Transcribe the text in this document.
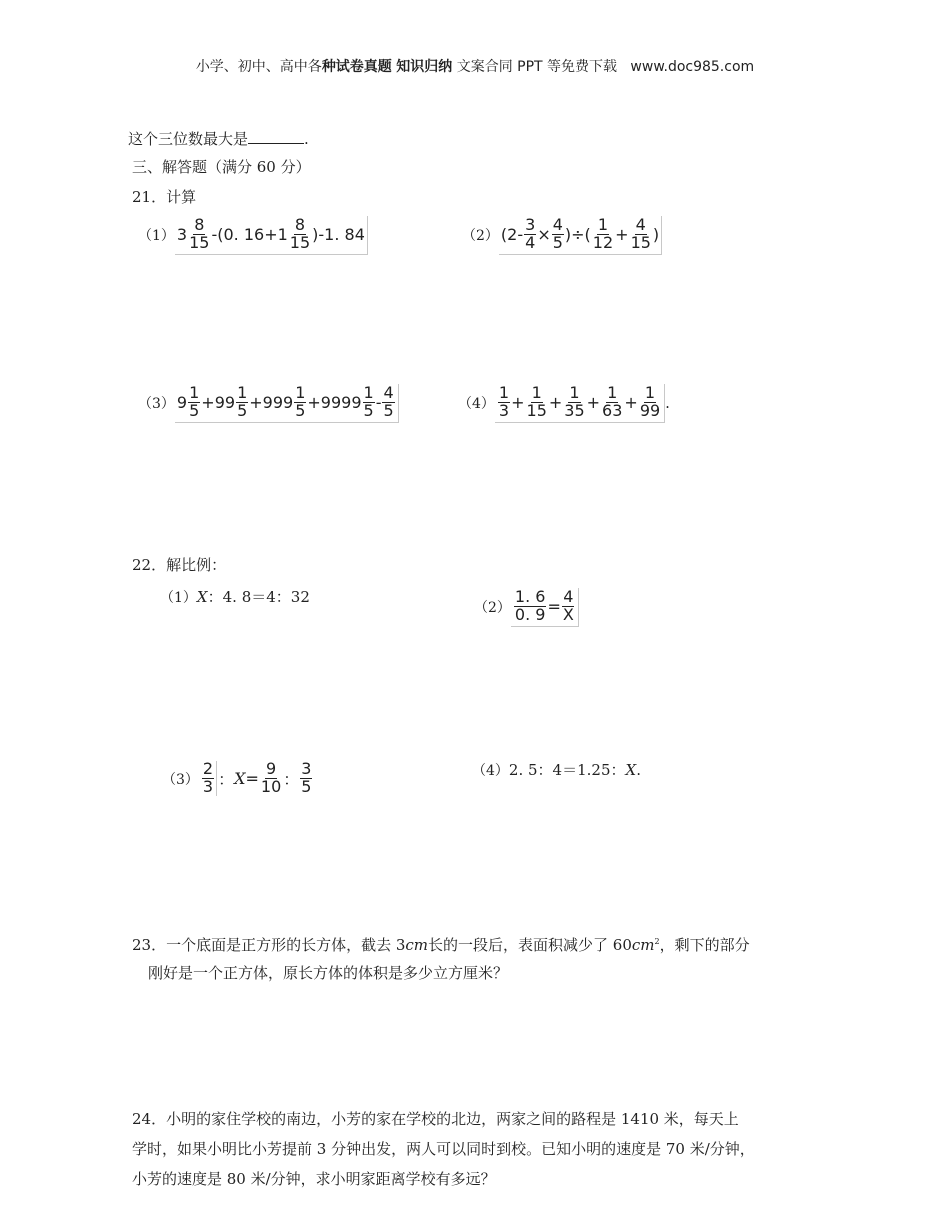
小学、初中、高中各种试卷真题 知识归纳 文案合同 PPT 等免费下载 www.doc985.com
这个三位数最大是	.
三、解答题（满分 60 分）
21．计算
（1） $3 \frac{8}{15} -(0$. $16+1 \frac{8}{15} )-1$. 84	（2） ($2- \frac{3}{4} \times \frac{4}{5}$ )÷( $\frac{1}{12} + \frac{4}{15}$ )
（3） $9 \frac{1}{5} +99 \frac{1}{5} +999 \frac{1}{5} +9999 \frac{1}{5} - \frac{4}{5}$	$(4) \frac{1}{3} + \frac{1}{15} + \frac{1}{35} + \frac{1}{63} + \frac{1}{99}$ .
22．解比例：
（1）X：4. 8＝4：32
$(2) \frac{1. 6}{0. 9} = \frac{4}{X}$
$(3) \frac{2}{3}$ ： $X = \frac{9}{10}$ ： $\frac{3}{5}$	（4）2. 5：4＝1.25：X.
23．一个底面是正方形的长方体，截去 3cm长的一段后，表面积减少了 $60cm^2$，剩下的部分
刚好是一个正方体，原长方体的体积是多少立方厘米？
24．小明的家住学校的南边，小芳的家在学校的北边，两家之间的路程是 1410 米，每天上
学时，如果小明比小芳提前 3 分钟出发，两人可以同时到校。已知小明的速度是 70 米/分钟，
小芳的速度是 80 米/分钟，求小明家距离学校有多远？
